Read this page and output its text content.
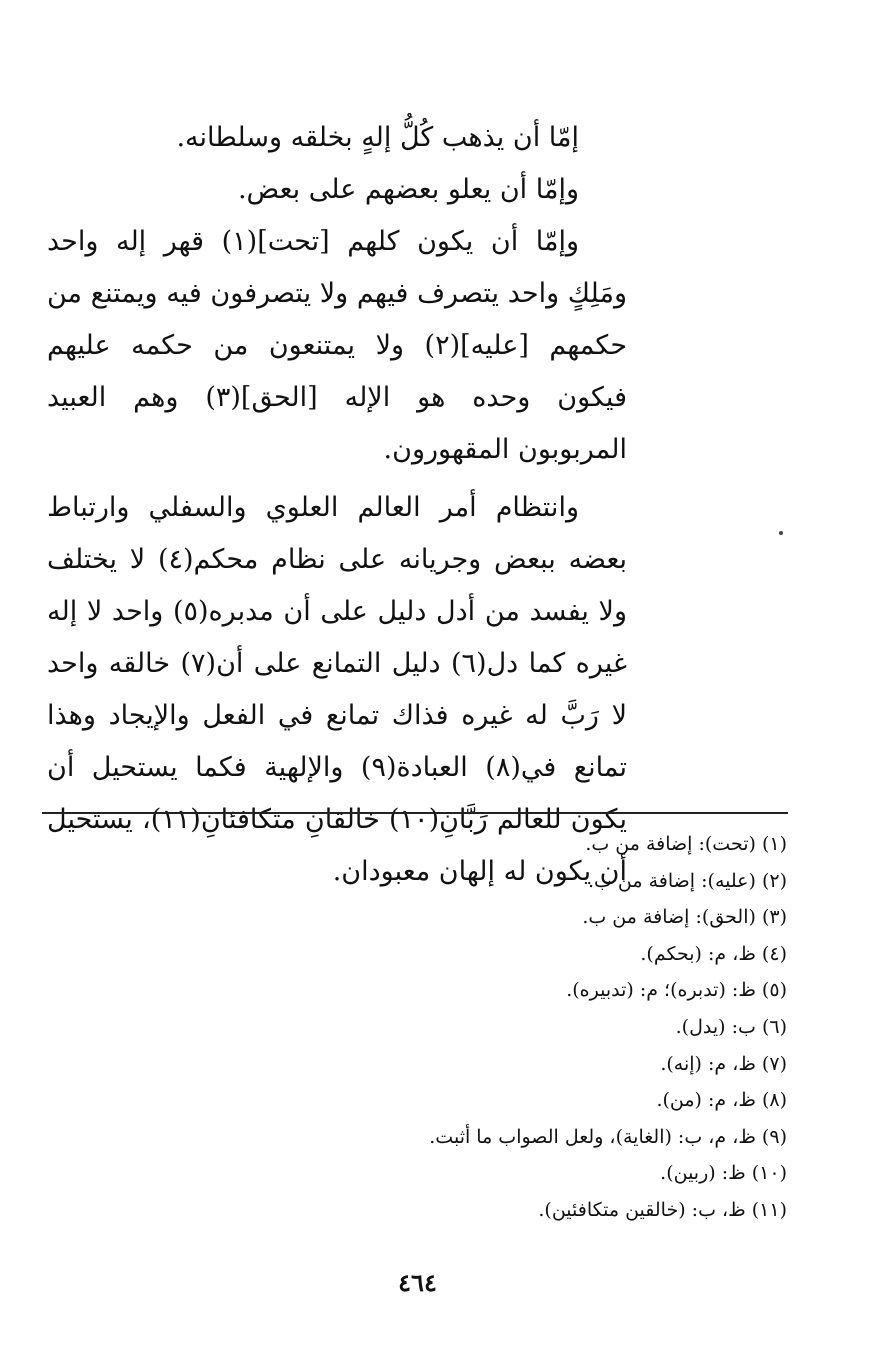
إمّا أن يذهب كُلُّ إلهٍ بخلقه وسلطانه.

وإمّا أن يعلو بعضهم على بعض.

وإمّا أن يكون كلهم [تحت](١) قهر إله واحد ومَلِكٍ واحد يتصرف فيهم ولا يتصرفون فيه ويمتنع من حكمهم [عليه](٢) ولا يمتنعون من حكمه عليهم فيكون وحده هو الإله [الحق](٣) وهم العبيد المربوبون المقهورون.

وانتظام أمر العالم العلوي والسفلي وارتباط بعضه ببعض وجريانه على نظام محكم(٤) لا يختلف ولا يفسد من أدل دليل على أن مدبره(٥) واحد لا إله غيره كما دل(٦) دليل التمانع على أن(٧) خالقه واحد لا رَبَّ له غيره فذاك تمانع في الفعل والإيجاد وهذا تمانع في(٨) العبادة(٩) والإلهية فكما يستحيل أن يكون للعالم رَبَّانِ(١٠) خالقانِ متكافئانِ(١١)، يستحيل أن يكون له إلهان معبودان.

(١) (تحت): إضافة من ب.
(٢) (عليه): إضافة من ب.
(٣) (الحق): إضافة من ب.
(٤) ظ، م: (بحكم).
(٥) ظ: (تدبره)؛ م: (تدبيره).
(٦) ب: (يدل).
(٧) ظ، م: (إنه).
(٨) ظ، م: (من).
(٩) ظ، م، ب: (الغاية)، ولعل الصواب ما أثبت.
(١٠) ظ: (ربين).
(١١) ظ، ب: (خالقين متكافئين).
٤٦٤
